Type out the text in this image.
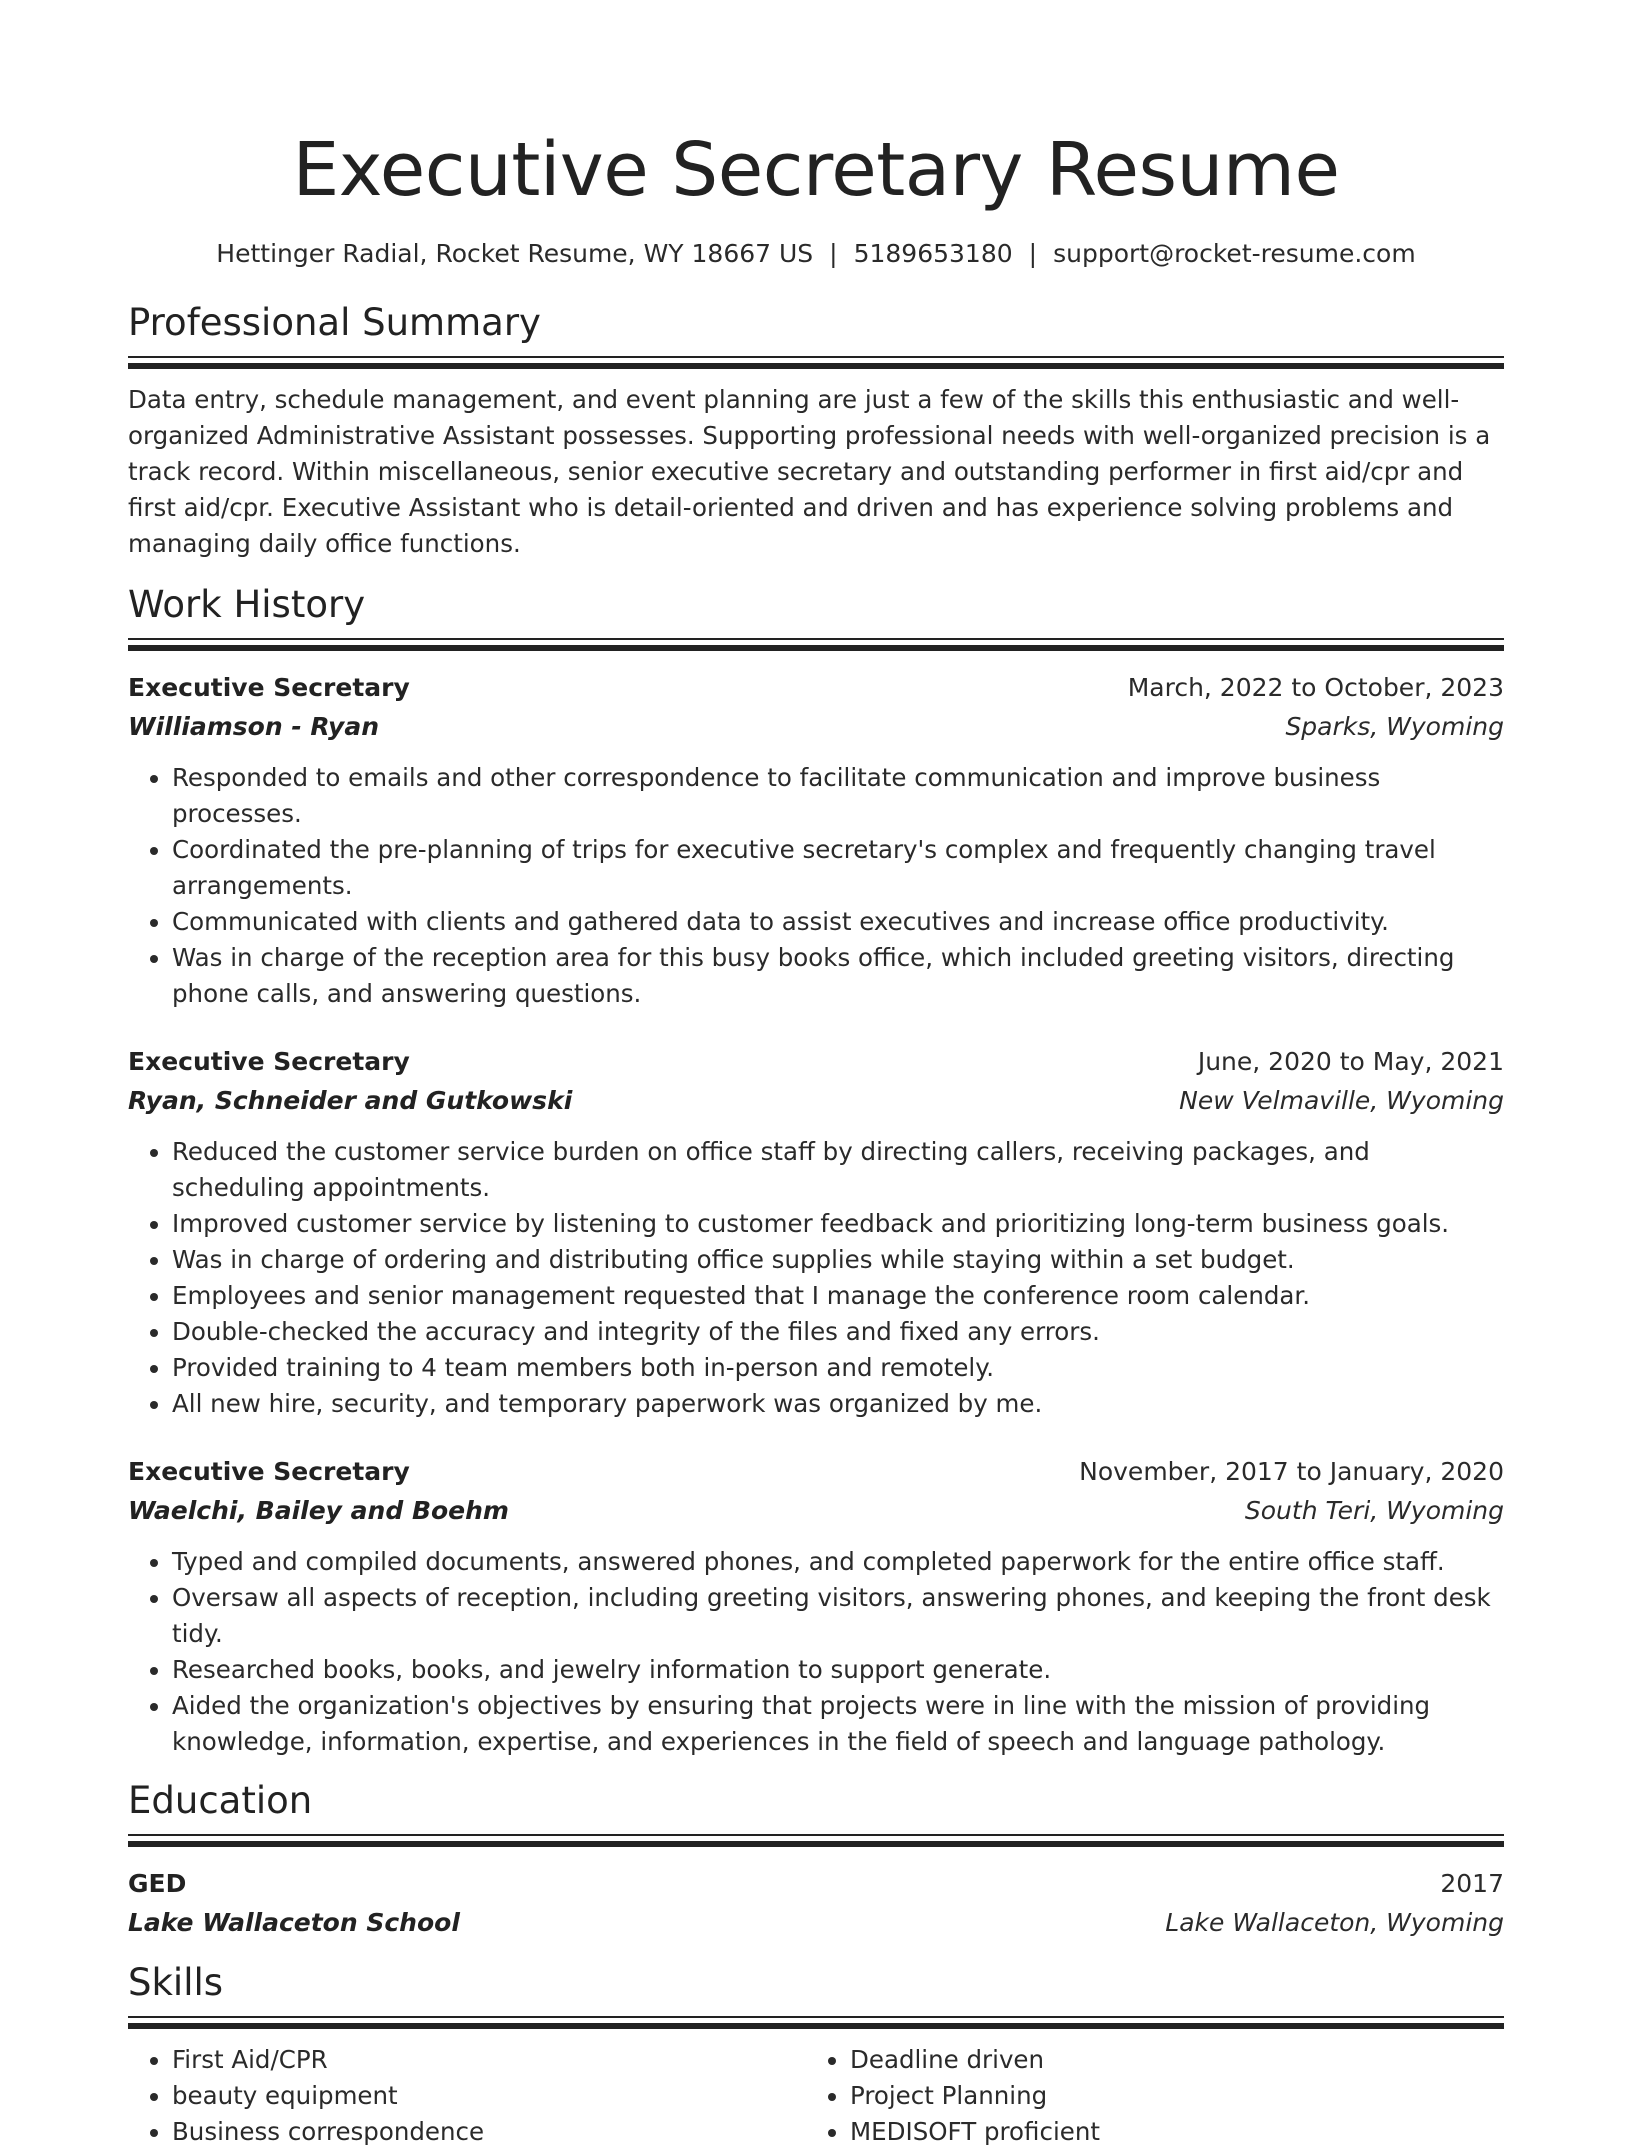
Executive Secretary Resume
Hettinger Radial, Rocket Resume, WY 18667 US | 5189653180 | support@rocket-resume.com
Professional Summary
Data entry, schedule management, and event planning are just a few of the skills this enthusiastic and well-organized Administrative Assistant possesses. Supporting professional needs with well-organized precision is a track record. Within miscellaneous, senior executive secretary and outstanding performer in first aid/cpr and first aid/cpr. Executive Assistant who is detail-oriented and driven and has experience solving problems and managing daily office functions.
Work History
Executive Secretary	March, 2022 to October, 2023
Williamson - Ryan	Sparks, Wyoming
• Responded to emails and other correspondence to facilitate communication and improve business processes.
• Coordinated the pre-planning of trips for executive secretary's complex and frequently changing travel arrangements.
• Communicated with clients and gathered data to assist executives and increase office productivity.
• Was in charge of the reception area for this busy books office, which included greeting visitors, directing phone calls, and answering questions.
Executive Secretary	June, 2020 to May, 2021
Ryan, Schneider and Gutkowski	New Velmaville, Wyoming
• Reduced the customer service burden on office staff by directing callers, receiving packages, and scheduling appointments.
• Improved customer service by listening to customer feedback and prioritizing long-term business goals.
• Was in charge of ordering and distributing office supplies while staying within a set budget.
• Employees and senior management requested that I manage the conference room calendar.
• Double-checked the accuracy and integrity of the files and fixed any errors.
• Provided training to 4 team members both in-person and remotely.
• All new hire, security, and temporary paperwork was organized by me.
Executive Secretary	November, 2017 to January, 2020
Waelchi, Bailey and Boehm	South Teri, Wyoming
• Typed and compiled documents, answered phones, and completed paperwork for the entire office staff.
• Oversaw all aspects of reception, including greeting visitors, answering phones, and keeping the front desk tidy.
• Researched books, books, and jewelry information to support generate.
• Aided the organization's objectives by ensuring that projects were in line with the mission of providing knowledge, information, expertise, and experiences in the field of speech and language pathology.
Education
GED	2017
Lake Wallaceton School	Lake Wallaceton, Wyoming
Skills
• First Aid/CPR
• beauty equipment
• Business correspondence
• Deadline driven
• Project Planning
• MEDISOFT proficient
